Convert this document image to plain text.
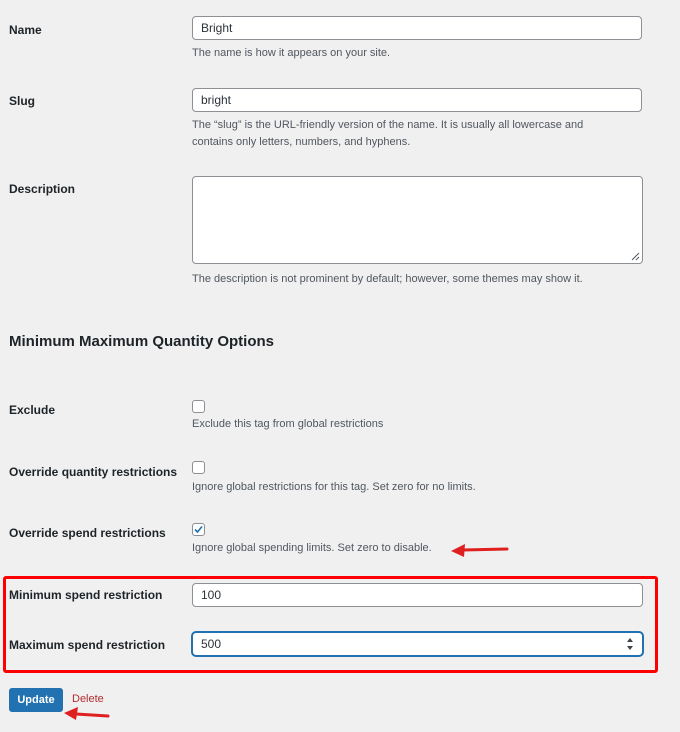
Name	Bright
The name is how it appears on your site.
Slug	bright
The “slug” is the URL-friendly version of the name. It is usually all lowercase and
contains only letters, numbers, and hyphens.
Description
The description is not prominent by default; however, some themes may show it.
Minimum Maximum Quantity Options
Exclude
Exclude this tag from global restrictions
Override quantity restrictions
Ignore global restrictions for this tag. Set zero for no limits.
Override spend restrictions
Ignore global spending limits. Set zero to disable.
Minimum spend restriction	100
Maximum spend restriction	500
Update	Delete
